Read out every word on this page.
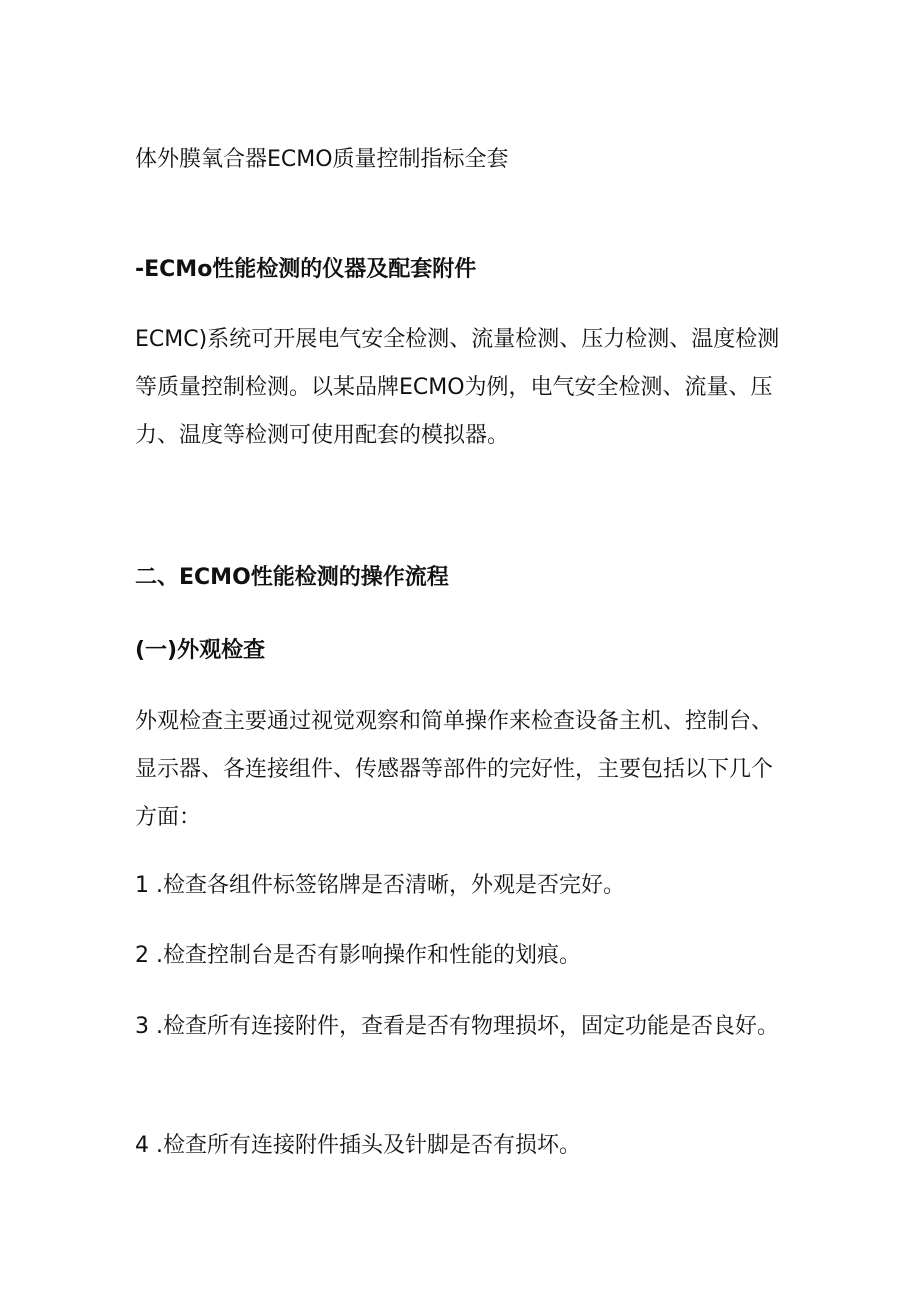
体外膜氧合器ECMO质量控制指标全套

-ECMo性能检测的仪器及配套附件

ECMC)系统可开展电气安全检测、流量检测、压力检测、温度检测等质量控制检测。以某品牌ECMO为例，电气安全检测、流量、压力、温度等检测可使用配套的模拟器。

二、ECMO性能检测的操作流程

(一)外观检查

外观检查主要通过视觉观察和简单操作来检查设备主机、控制台、显示器、各连接组件、传感器等部件的完好性，主要包括以下几个方面：

1 .检查各组件标签铭牌是否清晰，外观是否完好。

2 .检查控制台是否有影响操作和性能的划痕。

3 .检查所有连接附件，查看是否有物理损坏，固定功能是否良好。

4 .检查所有连接附件插头及针脚是否有损坏。
